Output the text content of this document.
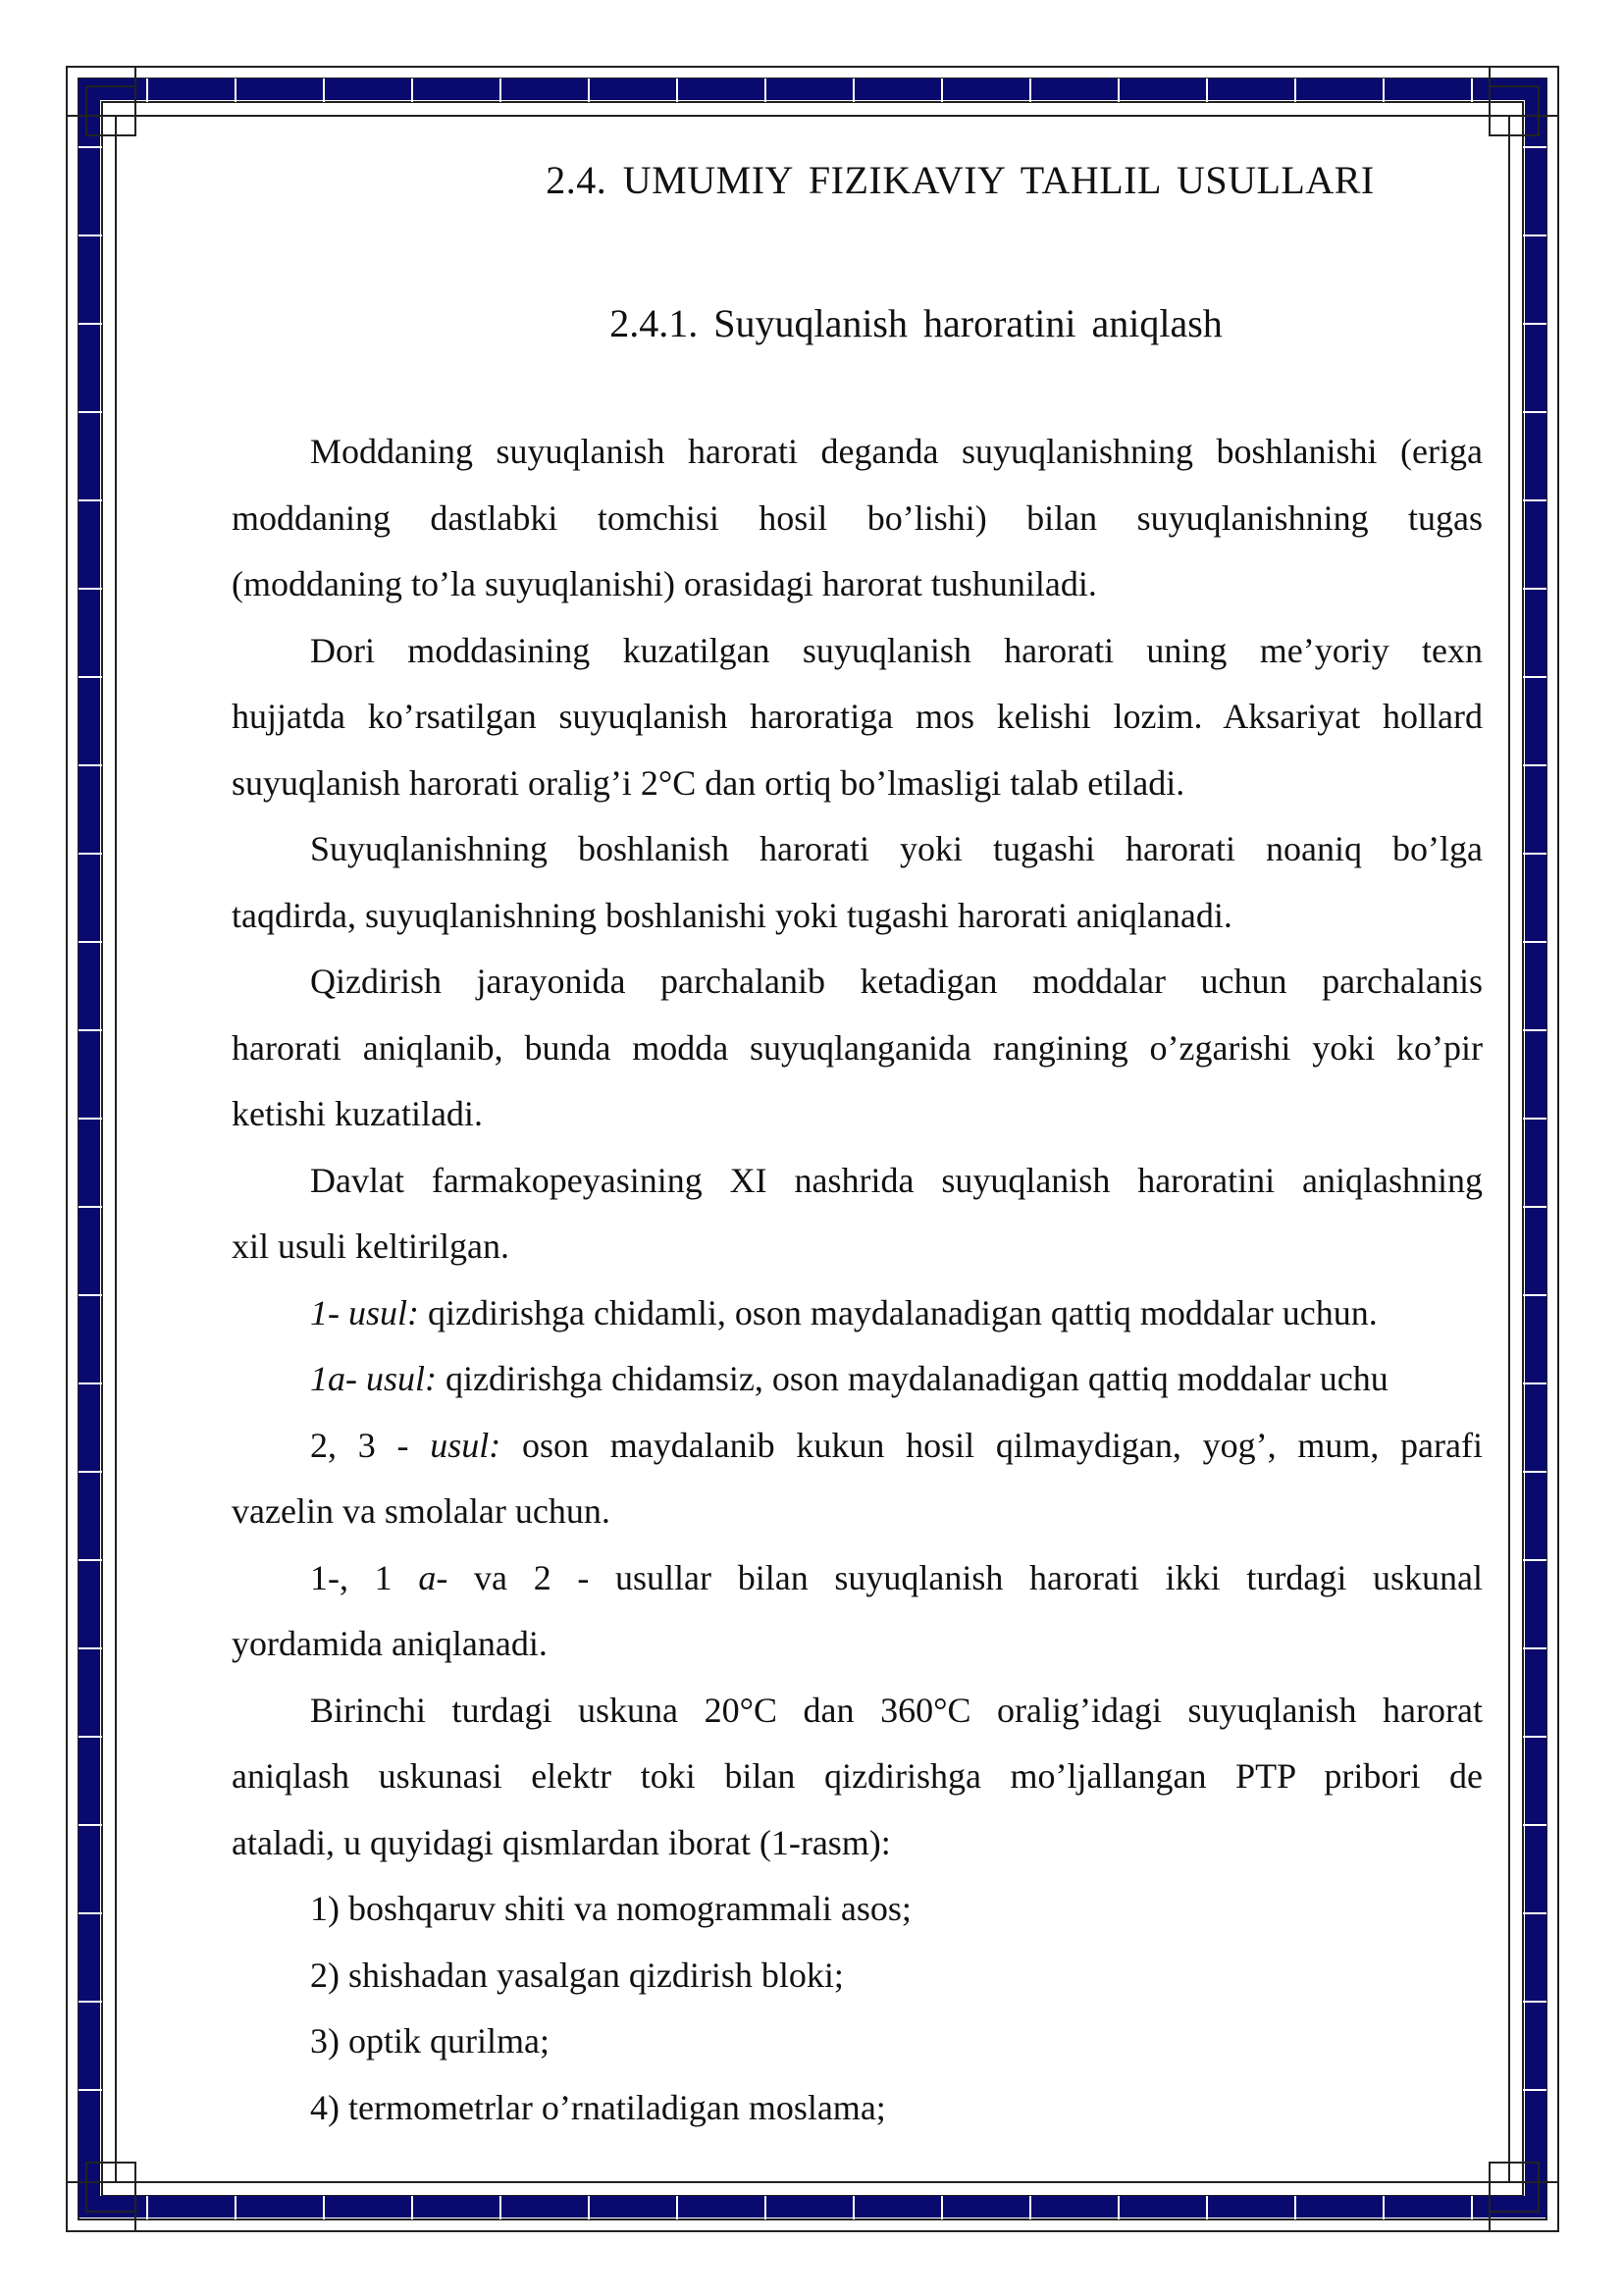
2.4. UMUMIY FIZIKAVIY TAHLIL USULLARI
2.4.1. Suyuqlanish haroratini aniqlash
Moddaning suyuqlanish harorati deganda suyuqlanishning boshlanishi (eriga
moddaning dastlabki tomchisi hosil bo’lishi) bilan suyuqlanishning tugas
(moddaning to’la suyuqlanishi) orasidagi harorat tushuniladi.
Dori moddasining kuzatilgan suyuqlanish harorati uning me’yoriy texn
hujjatda ko’rsatilgan suyuqlanish haroratiga mos kelishi lozim. Aksariyat hollard
suyuqlanish harorati oralig’i 2°C dan ortiq bo’lmasligi talab etiladi.
Suyuqlanishning boshlanish harorati yoki tugashi harorati noaniq bo’lga
taqdirda, suyuqlanishning boshlanishi yoki tugashi harorati aniqlanadi.
Qizdirish jarayonida parchalanib ketadigan moddalar uchun parchalanis
harorati aniqlanib, bunda modda suyuqlanganida rangining o’zgarishi yoki ko’pir
ketishi kuzatiladi.
Davlat farmakopeyasining XI nashrida suyuqlanish haroratini aniqlashning
xil usuli keltirilgan.
1- usul: qizdirishga chidamli, oson maydalanadigan qattiq moddalar uchun.
1a- usul: qizdirishga chidamsiz, oson maydalanadigan qattiq moddalar uchu
2, 3 - usul: oson maydalanib kukun hosil qilmaydigan, yog’, mum, parafi
vazelin va smolalar uchun.
1-, 1 a- va 2 - usullar bilan suyuqlanish harorati ikki turdagi uskunal
yordamida aniqlanadi.
Birinchi turdagi uskuna 20°C dan 360°C oralig’idagi suyuqlanish harorat
aniqlash uskunasi elektr toki bilan qizdirishga mo’ljallangan PTP pribori de
ataladi, u quyidagi qismlardan iborat (1-rasm):
1) boshqaruv shiti va nomogrammali asos;
2) shishadan yasalgan qizdirish bloki;
3) optik qurilma;
4) termometrlar o’rnatiladigan moslama;
